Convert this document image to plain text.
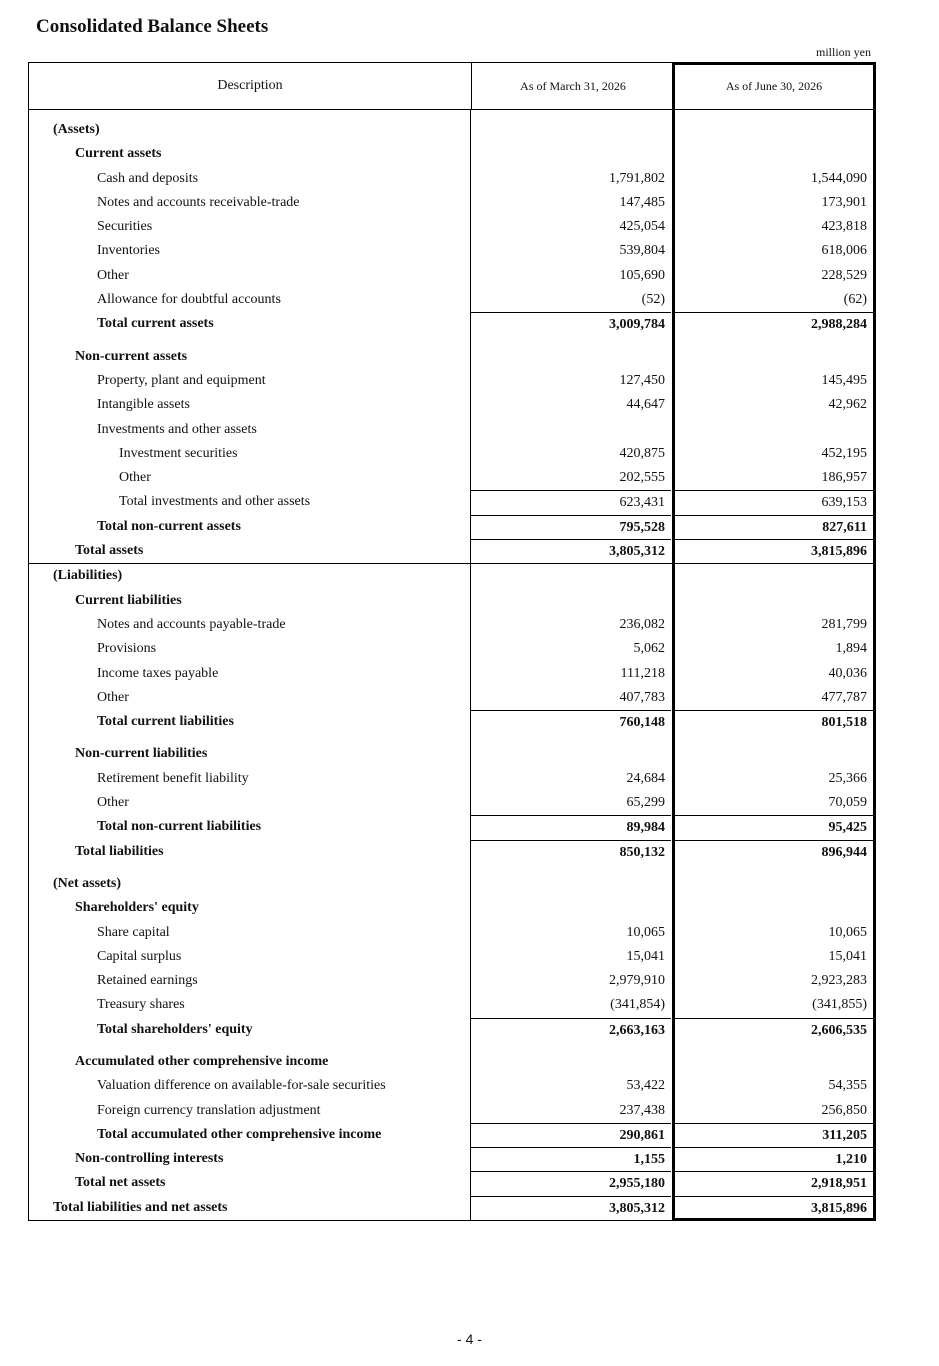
Consolidated Balance Sheets
million yen
Description	As of March 31, 2026	As of June 30, 2026
(Assets)
Current assets
Cash and deposits	1,791,802	1,544,090
Notes and accounts receivable-trade	147,485	173,901
Securities	425,054	423,818
Inventories	539,804	618,006
Other	105,690	228,529
Allowance for doubtful accounts	(52)	(62)
Total current assets	3,009,784	2,988,284
Non-current assets
Property, plant and equipment	127,450	145,495
Intangible assets	44,647	42,962
Investments and other assets
Investment securities	420,875	452,195
Other	202,555	186,957
Total investments and other assets	623,431	639,153
Total non-current assets	795,528	827,611
Total assets	3,805,312	3,815,896
(Liabilities)
Current liabilities
Notes and accounts payable-trade	236,082	281,799
Provisions	5,062	1,894
Income taxes payable	111,218	40,036
Other	407,783	477,787
Total current liabilities	760,148	801,518
Non-current liabilities
Retirement benefit liability	24,684	25,366
Other	65,299	70,059
Total non-current liabilities	89,984	95,425
Total liabilities	850,132	896,944
(Net assets)
Shareholders' equity
Share capital	10,065	10,065
Capital surplus	15,041	15,041
Retained earnings	2,979,910	2,923,283
Treasury shares	(341,854)	(341,855)
Total shareholders' equity	2,663,163	2,606,535
Accumulated other comprehensive income
Valuation difference on available-for-sale securities	53,422	54,355
Foreign currency translation adjustment	237,438	256,850
Total accumulated other comprehensive income	290,861	311,205
Non-controlling interests	1,155	1,210
Total net assets	2,955,180	2,918,951
Total liabilities and net assets	3,805,312	3,815,896
- 4 -
